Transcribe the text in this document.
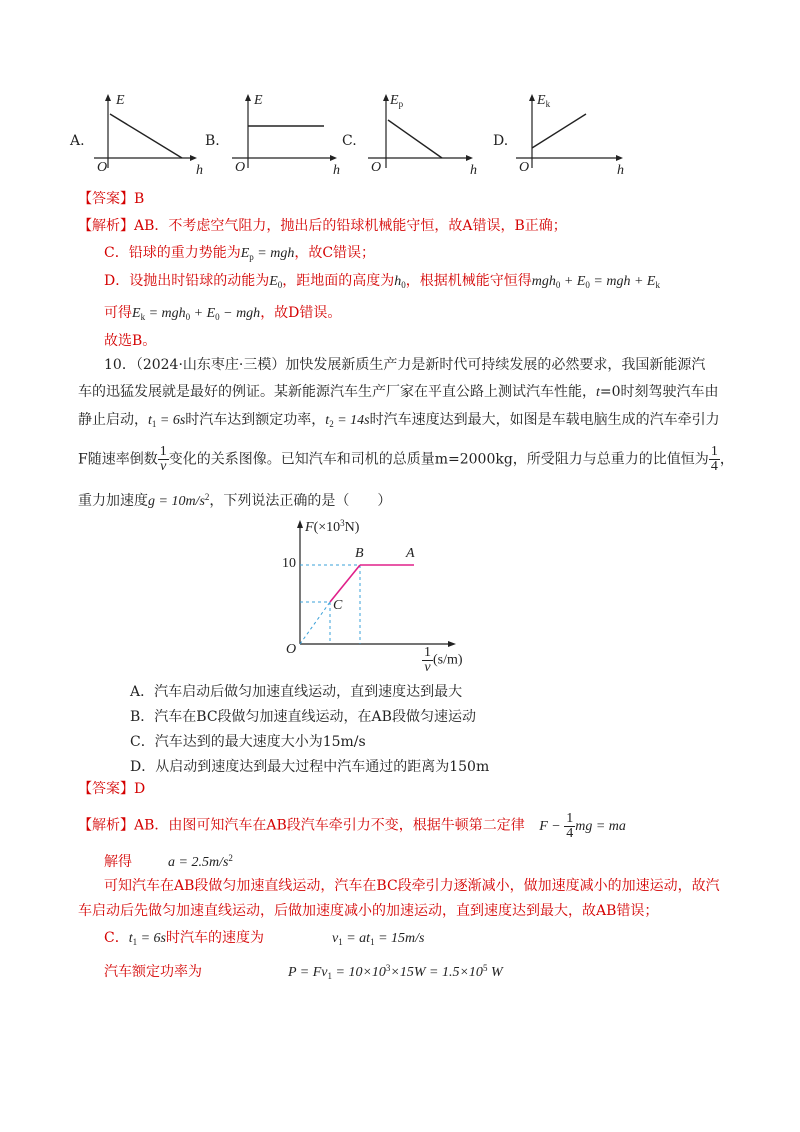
A.
E
O	h
B.
E
O	h
C.
$E_p$
O	h
D.
$E_k$
O	h
【答案】B
【解析】AB．不考虑空气阻力，抛出后的铅球机械能守恒，故A错误，B正确；
C．铅球的重力势能为$E_p$ = mgh，故C错误；
D．设抛出时铅球的动能为$E_0$，距地面的高度为$h_0$，根据机械能守恒得$mgh_0 + E_0$ = mgh + $E_k$
可得$E_k = mgh_0 + E_0$ − mgh，故D错误。
故选B。
10．（2024·山东枣庄·三模）加快发展新质生产力是新时代可持续发展的必然要求，我国新能源汽
车的迅猛发展就是最好的例证。某新能源汽车生产厂家在平直公路上测试汽车性能，t=0时刻驾驶汽车由
静止启动，$t_1 = 6s$时汽车达到额定功率，$t_2 = 14s$时汽车速度达到最大，如图是车载电脑生成的汽车牵引力
F随速率倒数 $\frac{1}{v}$ 变化的关系图像。已知汽车和司机的总质量m=2000kg，所受阻力与总重力的比值恒为 $\frac{1}{4}$ ，
重力加速度$g = 10m/s^2$，下列说法正确的是（　　）
$F(\times 10^3N)$
10
O
B	A
C
$\frac{1}{v} (s/m)$
A．汽车启动后做匀加速直线运动，直到速度达到最大
B．汽车在BC段做匀加速直线运动，在AB段做匀速运动
C．汽车达到的最大速度大小为15m/s
D．从启动到速度达到最大过程中汽车通过的距离为150m
【答案】D
【解析】AB．由图可知汽车在AB段汽车牵引力不变，根据牛顿第二定律 $F - \frac{1}{4}$ mg = ma
解得	$a = 2.5m/s^2$
可知汽车在AB段做匀加速直线运动，汽车在BC段牵引力逐渐减小，做加速度减小的加速运动，故汽
车启动后先做匀加速直线运动，后做加速度减小的加速运动，直到速度达到最大，故AB错误；
C．$t_1 = 6s$时汽车的速度为	$v_1 = at_1 = 15m/s$
汽车额定功率为	$P = Fv_1 = 10\times 10^3\times 15W = 1.5\times 10^5$ W
